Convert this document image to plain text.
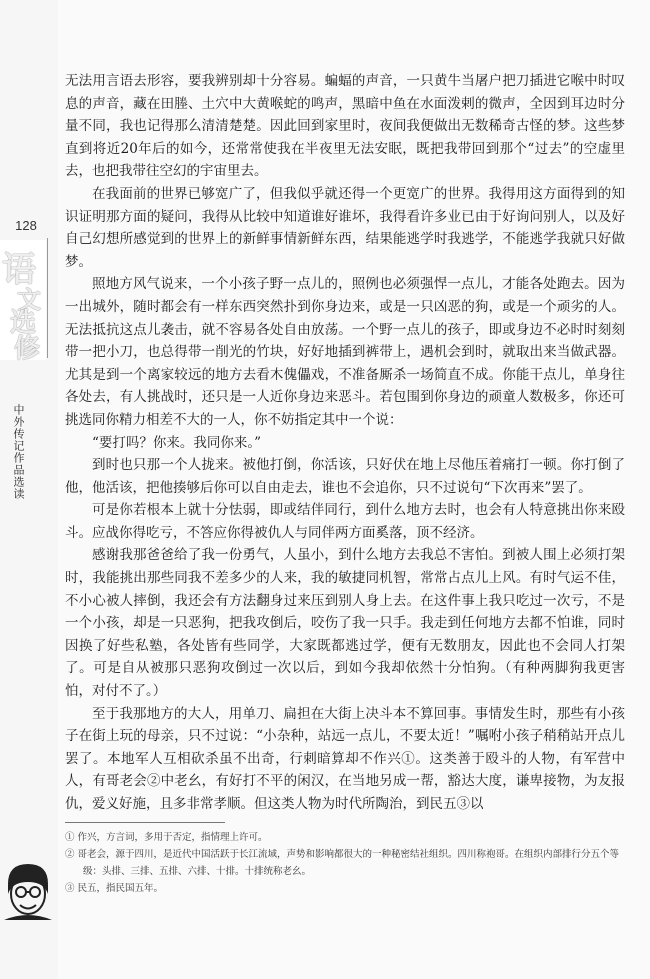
128
语
文
选
修
中外传记作品选读

无法用言语去形容，要我辨别却十分容易。蝙蝠的声音，一只黄牛当屠户把刀插进它喉中时叹息的声音，藏在田塍、土穴中大黄喉蛇的鸣声，黑暗中鱼在水面泼剌的微声，全因到耳边时分量不同，我也记得那么清清楚楚。因此回到家里时，夜间我便做出无数稀奇古怪的梦。这些梦直到将近20年后的如今，还常常使我在半夜里无法安眠，既把我带回到那个“过去”的空虚里去，也把我带往空幻的宇宙里去。

在我面前的世界已够宽广了，但我似乎就还得一个更宽广的世界。我得用这方面得到的知识证明那方面的疑问，我得从比较中知道谁好谁坏，我得看许多业已由于好询问别人，以及好自己幻想所感觉到的世界上的新鲜事情新鲜东西，结果能逃学时我逃学，不能逃学我就只好做梦。

照地方风气说来，一个小孩子野一点儿的，照例也必须强悍一点儿，才能各处跑去。因为一出城外，随时都会有一样东西突然扑到你身边来，或是一只凶恶的狗，或是一个顽劣的人。无法抵抗这点儿袭击，就不容易各处自由放荡。一个野一点儿的孩子，即或身边不必时时刻刻带一把小刀，也总得带一削光的竹块，好好地插到裤带上，遇机会到时，就取出来当做武器。尤其是到一个离家较远的地方去看木傀儡戏，不准备厮杀一场简直不成。你能干点儿，单身往各处去，有人挑战时，还只是一人近你身边来恶斗。若包围到你身边的顽童人数极多，你还可挑选同你精力相差不大的一人，你不妨指定其中一个说：

“要打吗？你来。我同你来。”

到时也只那一个人拢来。被他打倒，你活该，只好伏在地上尽他压着痛打一顿。你打倒了他，他活该，把他揍够后你可以自由走去，谁也不会追你，只不过说句“下次再来”罢了。

可是你若根本上就十分怯弱，即或结伴同行，到什么地方去时，也会有人特意挑出你来殴斗。应战你得吃亏，不答应你得被仇人与同伴两方面奚落，顶不经济。

感谢我那爸爸给了我一份勇气，人虽小，到什么地方去我总不害怕。到被人围上必须打架时，我能挑出那些同我不差多少的人来，我的敏捷同机智，常常占点儿上风。有时气运不佳，不小心被人摔倒，我还会有方法翻身过来压到别人身上去。在这件事上我只吃过一次亏，不是一个小孩，却是一只恶狗，把我攻倒后，咬伤了我一只手。我走到任何地方去都不怕谁，同时因换了好些私塾，各处皆有些同学，大家既都逃过学，便有无数朋友，因此也不会同人打架了。可是自从被那只恶狗攻倒过一次以后，到如今我却依然十分怕狗。（有种两脚狗我更害怕，对付不了。）

至于我那地方的大人，用单刀、扁担在大街上决斗本不算回事。事情发生时，那些有小孩子在街上玩的母亲，只不过说：“小杂种，站远一点儿，不要太近！”嘱咐小孩子稍稍站开点儿罢了。本地军人互相砍杀虽不出奇，行刺暗算却不作兴①。这类善于殴斗的人物，有军营中人，有哥老会②中老幺，有好打不平的闲汉，在当地另成一帮，豁达大度，谦卑接物，为友报仇，爱义好施，且多非常孝顺。但这类人物为时代所陶治，到民五③以

① 作兴，方言词，多用于否定，指情理上许可。

② 哥老会，源于四川，是近代中国活跃于长江流域，声势和影响都很大的一种秘密结社组织。四川称袍哥。在组织内部排行分五个等级：头排、三排、五排、六排、十排。十排统称老幺。

③ 民五，指民国五年。
